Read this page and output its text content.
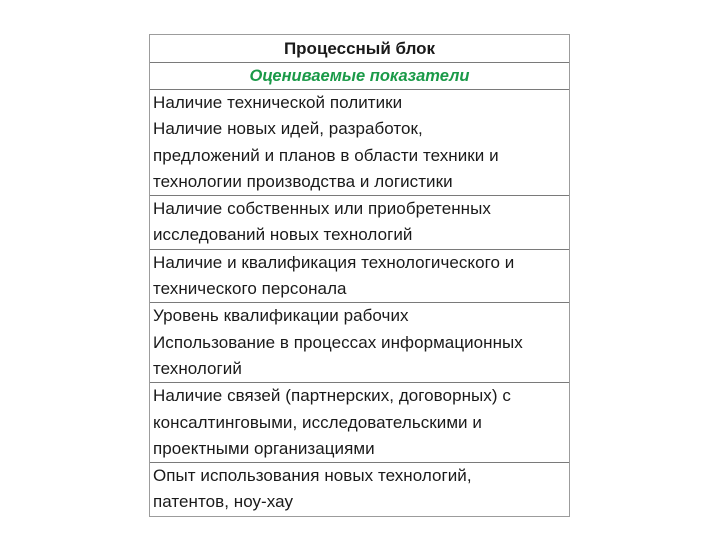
Процессный блок
Оцениваемые показатели
Наличие технической политики
Наличие новых идей, разработок,
предложений и планов в области техники и
технологии производства и логистики
Наличие собственных или приобретенных
исследований новых технологий
Наличие и квалификация технологического и
технического персонала
Уровень квалификации рабочих
Использование в процессах информационных
технологий
Наличие связей (партнерских, договорных) с
консалтинговыми, исследовательскими и
проектными организациями
Опыт использования новых технологий,
патентов, ноу-хау
